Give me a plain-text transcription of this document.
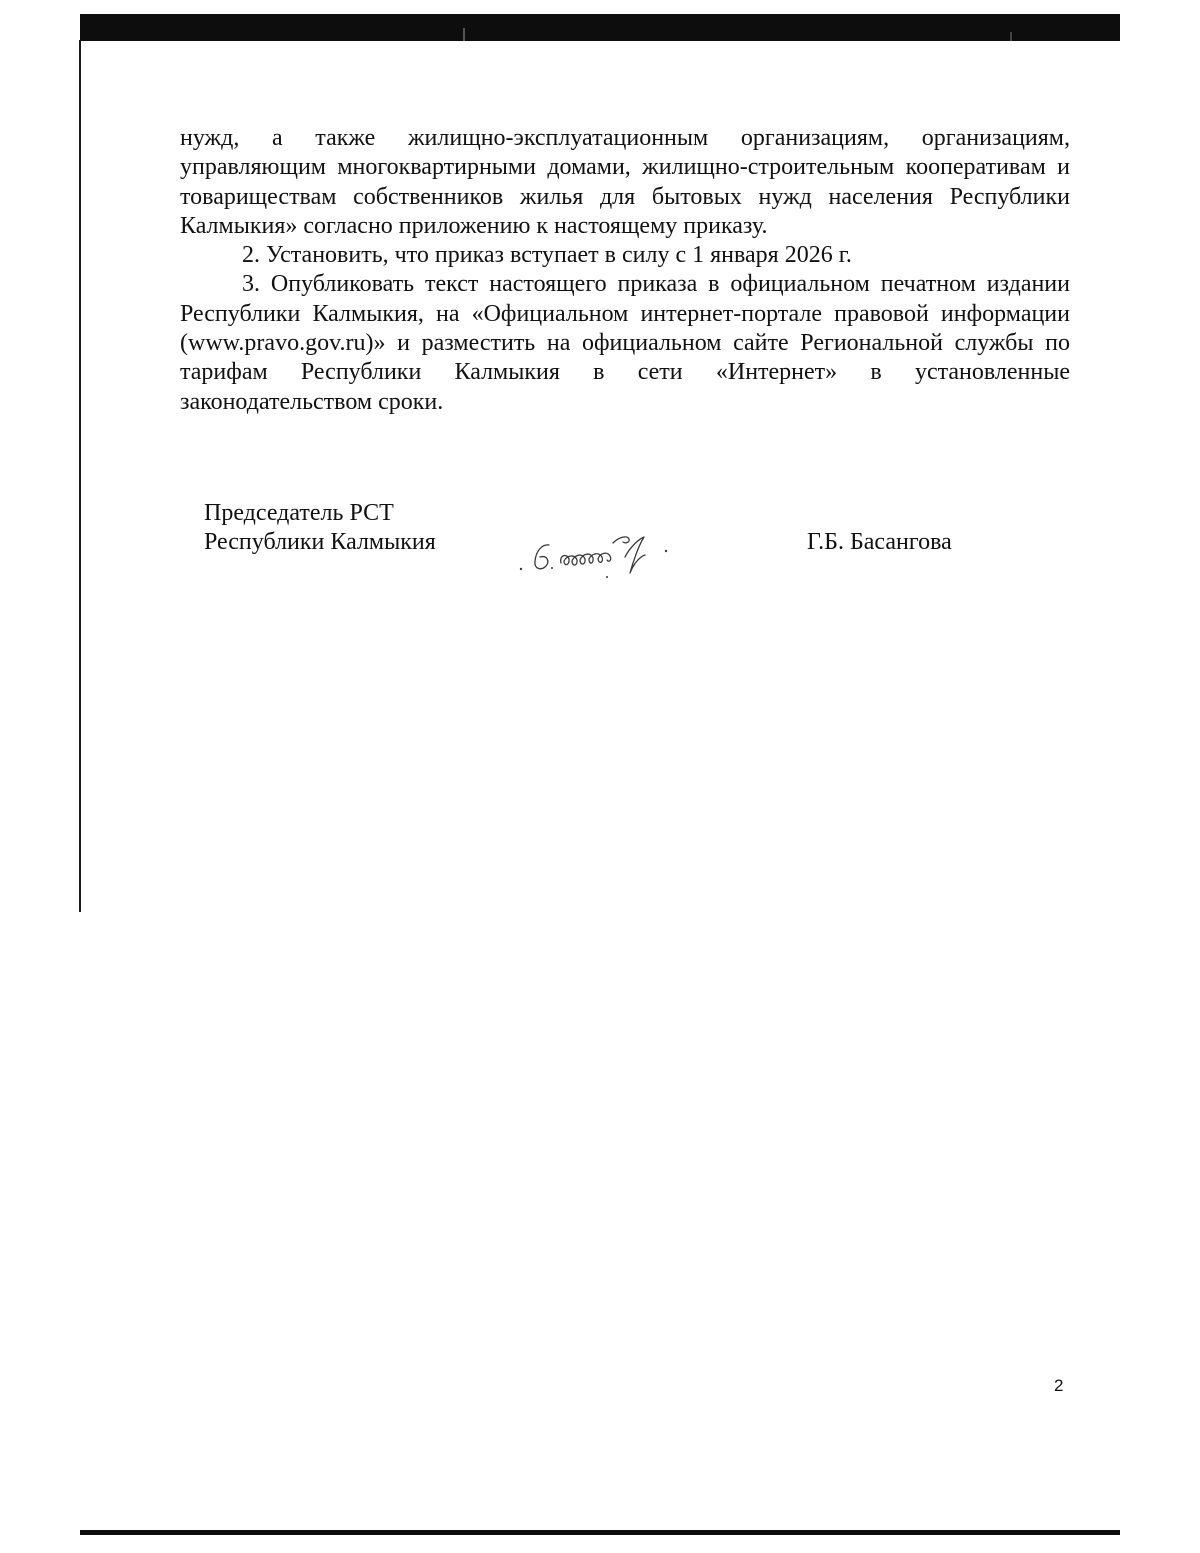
нужд, а также жилищно-эксплуатационным организациям, организациям, управляющим многоквартирными домами, жилищно-строительным кооперативам и товариществам собственников жилья для бытовых нужд населения Республики Калмыкия» согласно приложению к настоящему приказу.

2. Установить, что приказ вступает в силу с 1 января 2026 г.

3. Опубликовать текст настоящего приказа в официальном печатном издании Республики Калмыкия, на «Официальном интернет-портале правовой информации (www.pravo.gov.ru)» и разместить на официальном сайте Региональной службы по тарифам Республики Калмыкия в сети «Интернет» в установленные законодательством сроки.

Председатель РСТ
Республики Калмыкия	Г.Б. Басангова
2
